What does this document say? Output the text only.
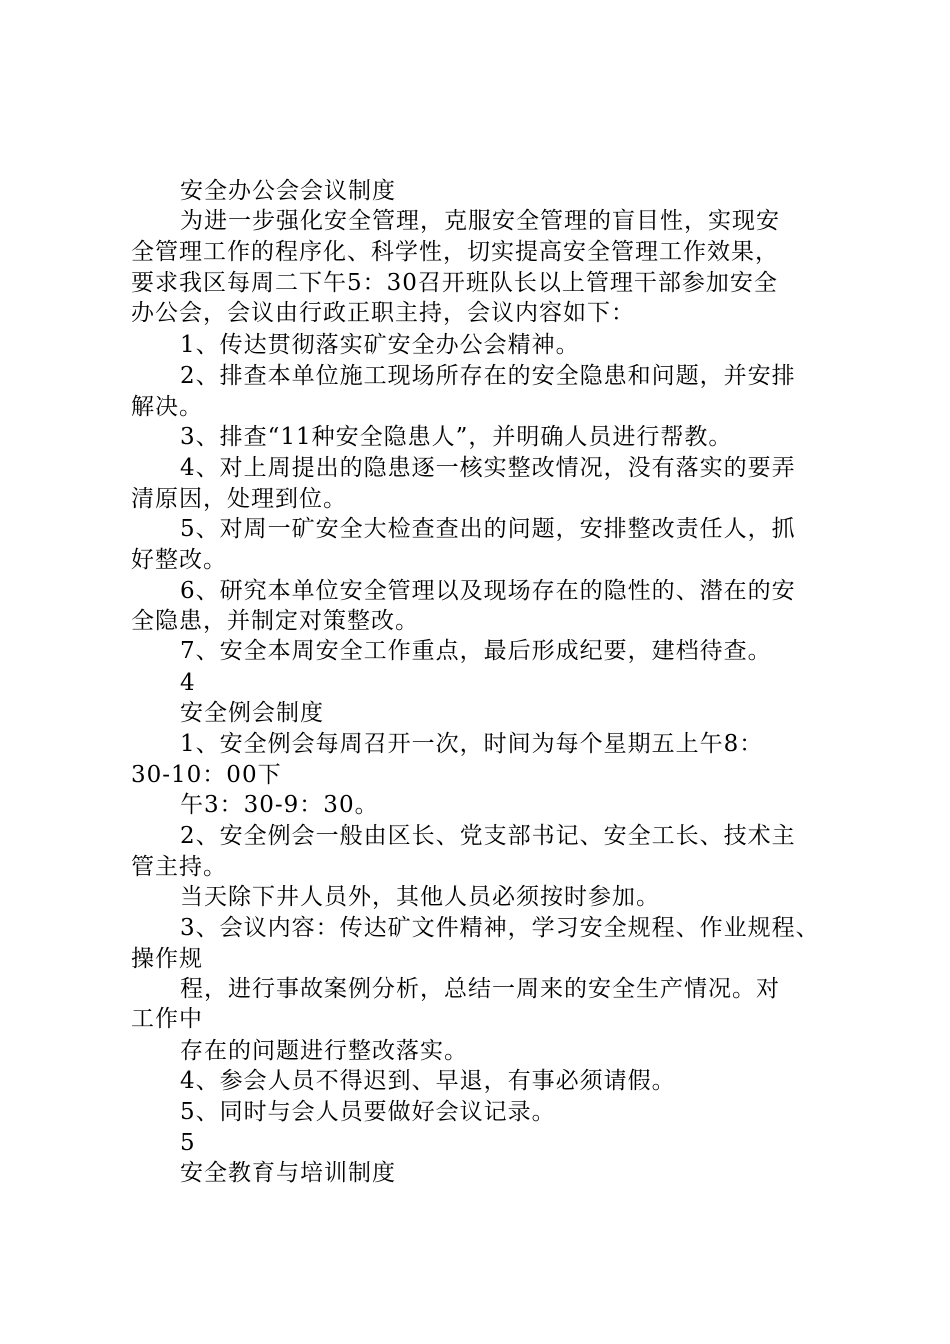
安全办公会会议制度
为进一步强化安全管理，克服安全管理的盲目性，实现安
全管理工作的程序化、科学性，切实提高安全管理工作效果，
要求我区每周二下午5：30召开班队长以上管理干部参加安全
办公会，会议由行政正职主持，会议内容如下：
1、传达贯彻落实矿安全办公会精神。
2、排查本单位施工现场所存在的安全隐患和问题，并安排
解决。
3、排查“11种安全隐患人”，并明确人员进行帮教。
4、对上周提出的隐患逐一核实整改情况，没有落实的要弄
清原因，处理到位。
5、对周一矿安全大检查查出的问题，安排整改责任人，抓
好整改。
6、研究本单位安全管理以及现场存在的隐性的、潜在的安
全隐患，并制定对策整改。
7、安全本周安全工作重点，最后形成纪要，建档待查。
4
安全例会制度
1、安全例会每周召开一次，时间为每个星期五上午8：
30-10：00下
午3：30-9：30。
2、安全例会一般由区长、党支部书记、安全工长、技术主
管主持。
当天除下井人员外，其他人员必须按时参加。
3、会议内容：传达矿文件精神，学习安全规程、作业规程、
操作规
程，进行事故案例分析，总结一周来的安全生产情况。对
工作中
存在的问题进行整改落实。
4、参会人员不得迟到、早退，有事必须请假。
5、同时与会人员要做好会议记录。
5
安全教育与培训制度
